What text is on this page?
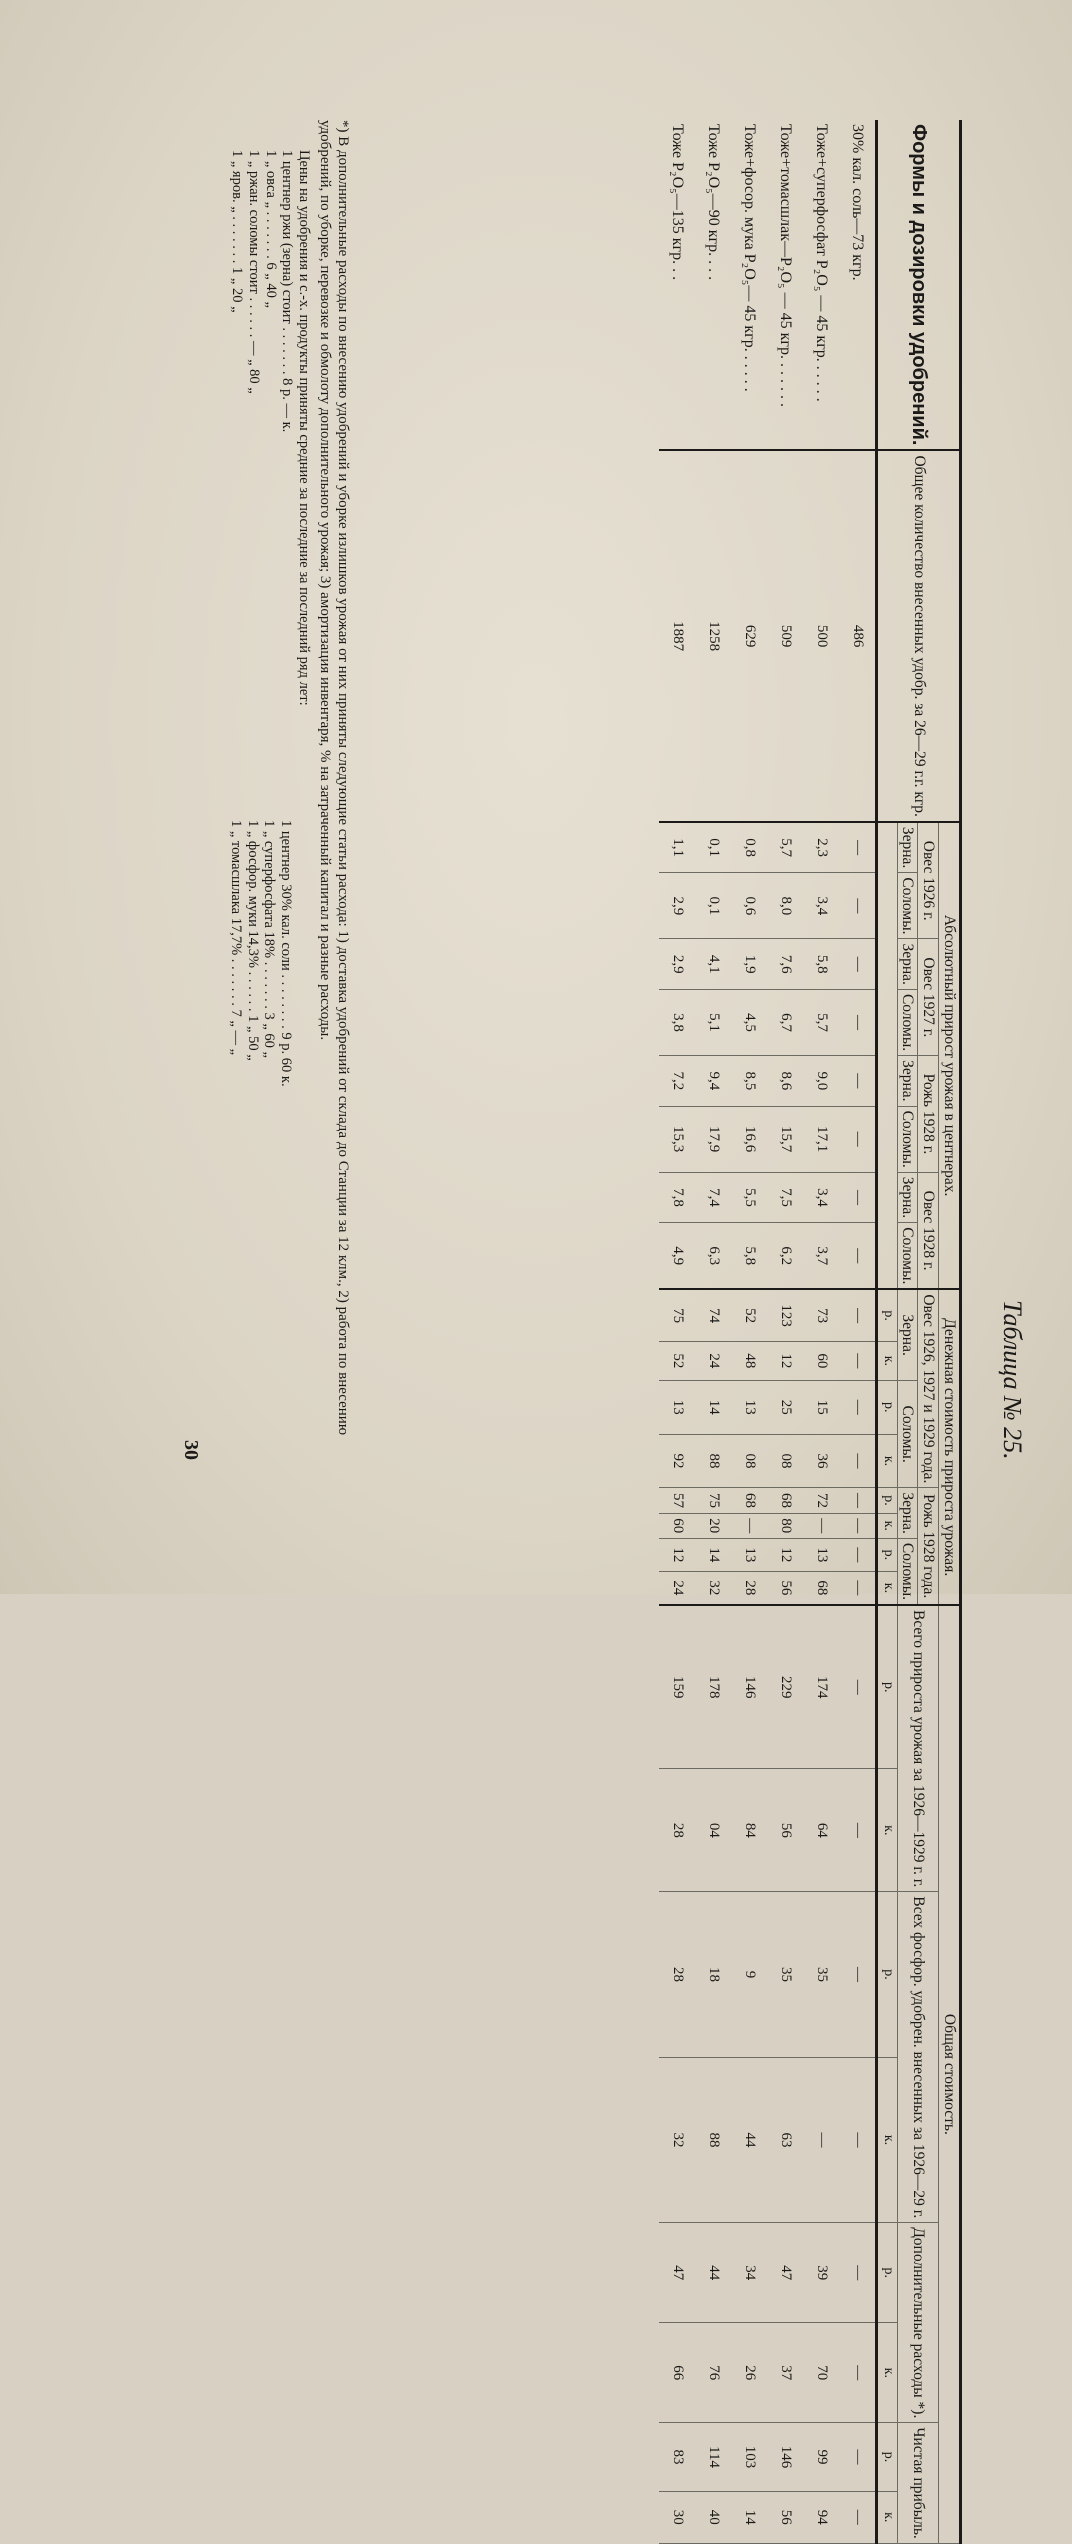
Таблица № 25.
Формы и дозировки удобрений.	Общее количество внесенных удобр. за 26—29 г.г. кгр.	Абсолютный прирост урожая в центнерах.								Денежная стоимость прироста урожая.								Общая стоимость.							
		Овес 1926 г.		Овес 1927 г.		Рожь 1928 г.		Овес 1928 г.		Овес 1926, 1927 и 1929 года.				Рожь 1928 года.				Всего прироста урожая за 1926—1929 г. г.		Всех фосфор. удобрен. внесенных за 1926—29 г.		Дополнительные расходы *).		Чистая прибыль.	
		Зерна.	Соломы.	Зерна.	Соломы.	Зерна.	Соломы.	Зерна.	Соломы.	Зерна.		Соломы.		Зерна.		Соломы.									
										р.	к.	р.	к.	р.	к.	р.	к.	р.	к.	р.	к.	р.	к.	р.	к.
30% кал. соль—73 кгр.	486	—	—	—	—	—	—	—	—	—	—	—	—	—	—	—	—	—	—	—	—	—	—	—	—
Тоже+суперфосфат P₂O₅ — 45 кгр. . . . . .	500	2,3	3,4	5,8	5,7	9,0	17,1	3,4	3,7	73	60	15	36	72	—	13	68	174	64	35	—	39	70	99	94
Тоже+томасшлак—P₂O₅ — 45 кгр. . . . . . .	509	5,7	8,0	7,6	6,7	8,6	15,7	7,5	6,2	123	12	25	08	68	80	12	56	229	56	35	63	47	37	146	56
Тоже+фосор. мука P₂O₅— 45 кгр. . . . . .	629	0,8	0,6	1,9	4,5	8,5	16,6	5,5	5,8	52	48	13	08	68	—	13	28	146	84	9	44	34	26	103	14
Тоже P₂O₅—90 кгр. . . .	1258	0,1	0,1	4,1	5,1	9,4	17,9	7,4	6,3	74	24	14	88	75	20	14	32	178	04	18	88	44	76	114	40
Тоже P₂O₅—135 кгр. . .	1887	1,1	2,9	2,9	3,8	7,2	15,3	7,8	4,9	75	52	13	92	57	60	12	24	159	28	28	32	47	66	83	30
*) В дополнительные расходы по внесению удобрений и уборке излишков урожая от них приняты следующие статьи расхода: 1) доставка удобрений от склада до Станции за 12 клм., 2) работа по внесению удобрений, по уборке, перевозке и обмолоту дополнительного урожая; 3) амортизация инвентаря, % на затраченный капитал и разные расходы.
Цены на удобрения и с.-х. продукты приняты средние за последние за последний ряд лет:
1 центнер ржи (зерна) стоит . . . . . . . 8 р. — к.
1 „ овса „ . . . . . . . 6 „ 40 „
1 „ ржан. соломы стоит . . . . . . — „ 80 „
1 „ яров. „ . . . . . . . 1 „ 20 „
1 центнер 30% кал. соли . . . . . . . . 9 р. 60 к.
1 „ суперфосфата 18% . . . . . . . 3 „ 60 „
1 „ фосфор. муки 14,3% . . . . . . 1 „ 50 „
1 „ томасшлака 17,7% . . . . . . . 7 „ — „
30
